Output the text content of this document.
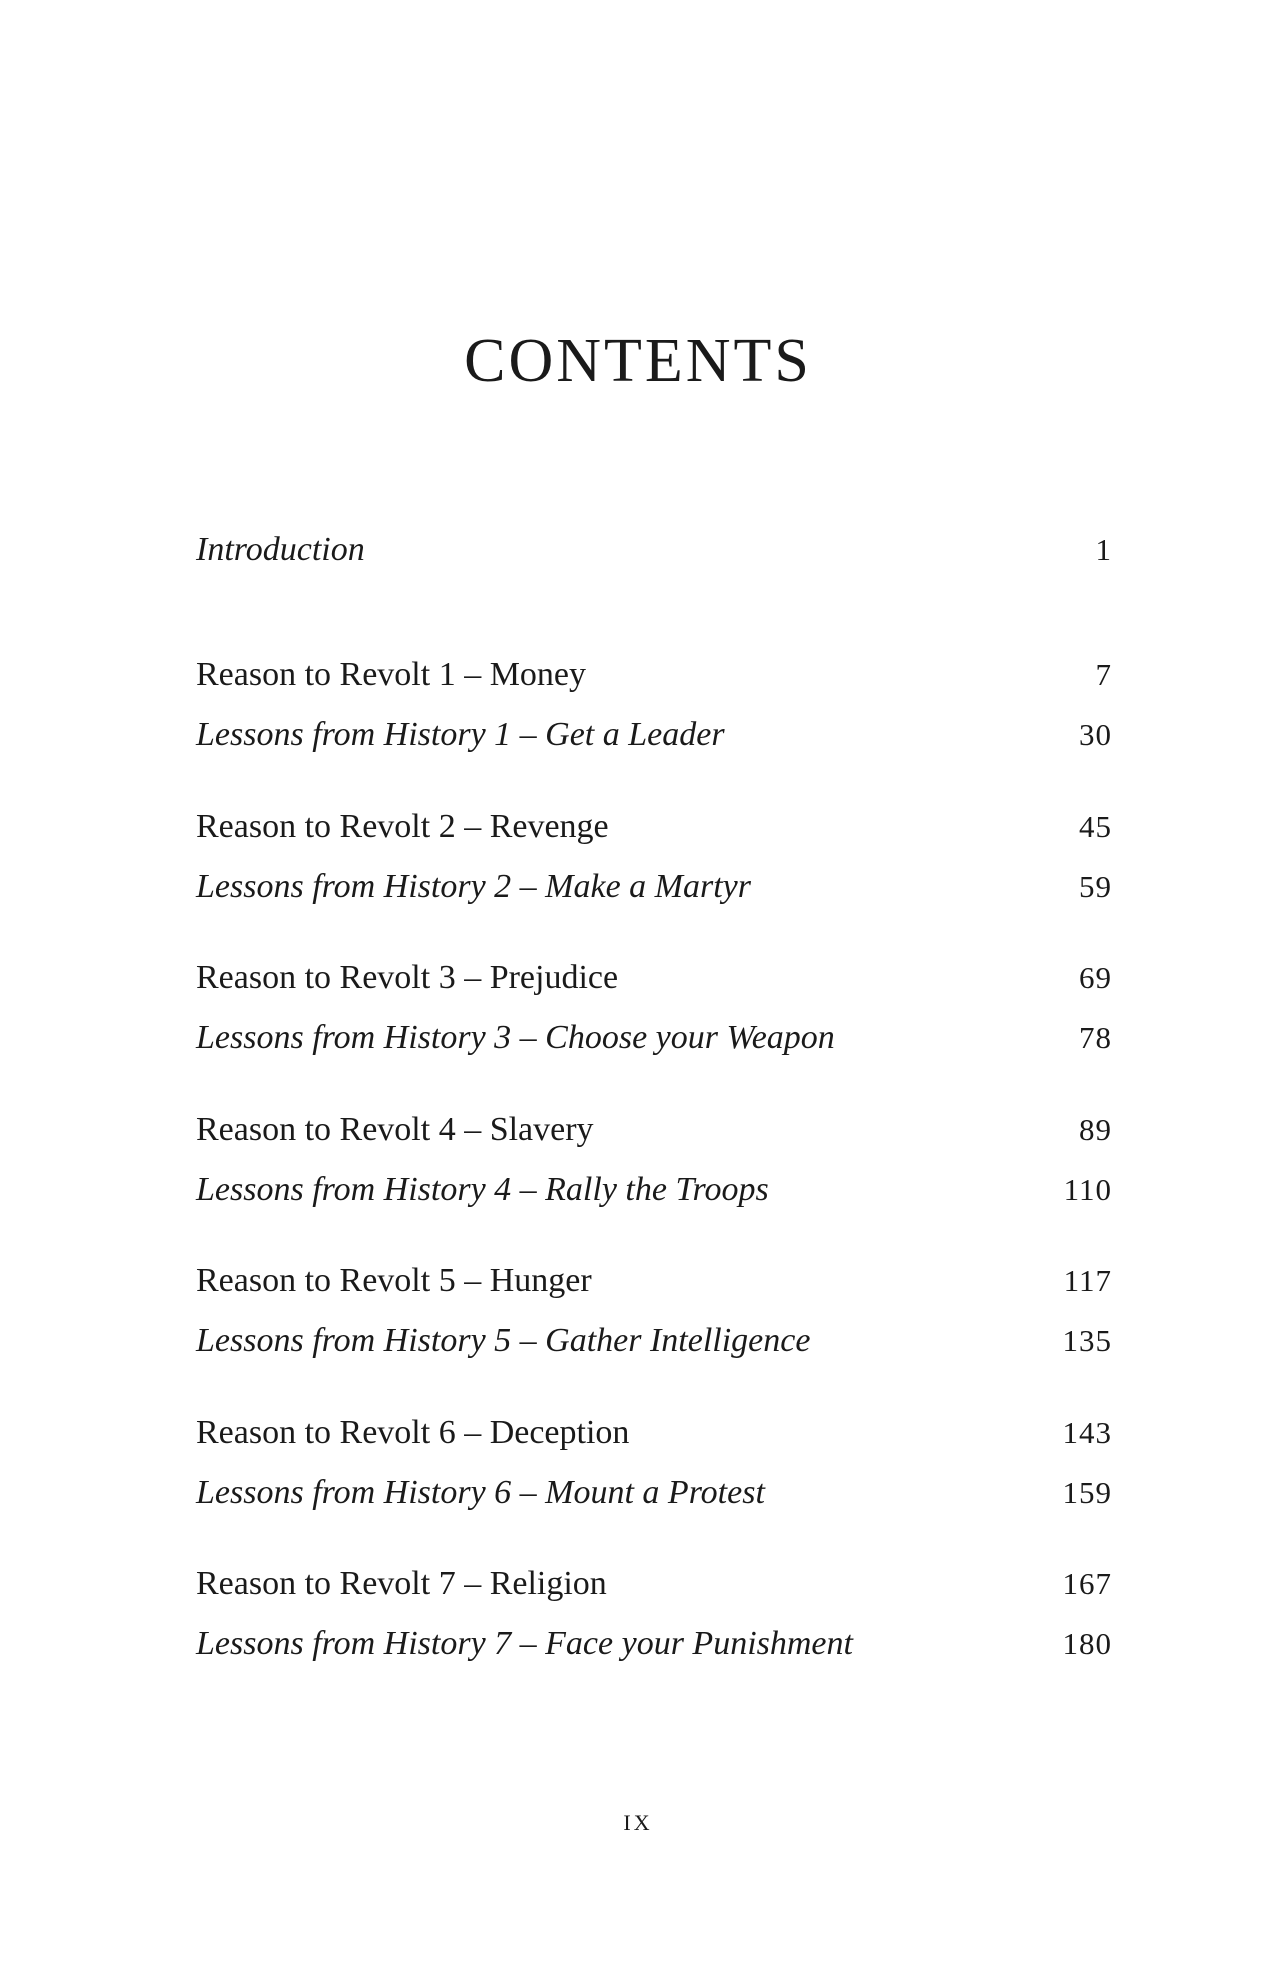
CONTENTS
Introduction	1
Reason to Revolt 1 – Money	7
Lessons from History 1 – Get a Leader	30
Reason to Revolt 2 – Revenge	45
Lessons from History 2 – Make a Martyr	59
Reason to Revolt 3 – Prejudice	69
Lessons from History 3 – Choose your Weapon	78
Reason to Revolt 4 – Slavery	89
Lessons from History 4 – Rally the Troops	110
Reason to Revolt 5 – Hunger	117
Lessons from History 5 – Gather Intelligence	135
Reason to Revolt 6 – Deception	143
Lessons from History 6 – Mount a Protest	159
Reason to Revolt 7 – Religion	167
Lessons from History 7 – Face your Punishment	180
IX
